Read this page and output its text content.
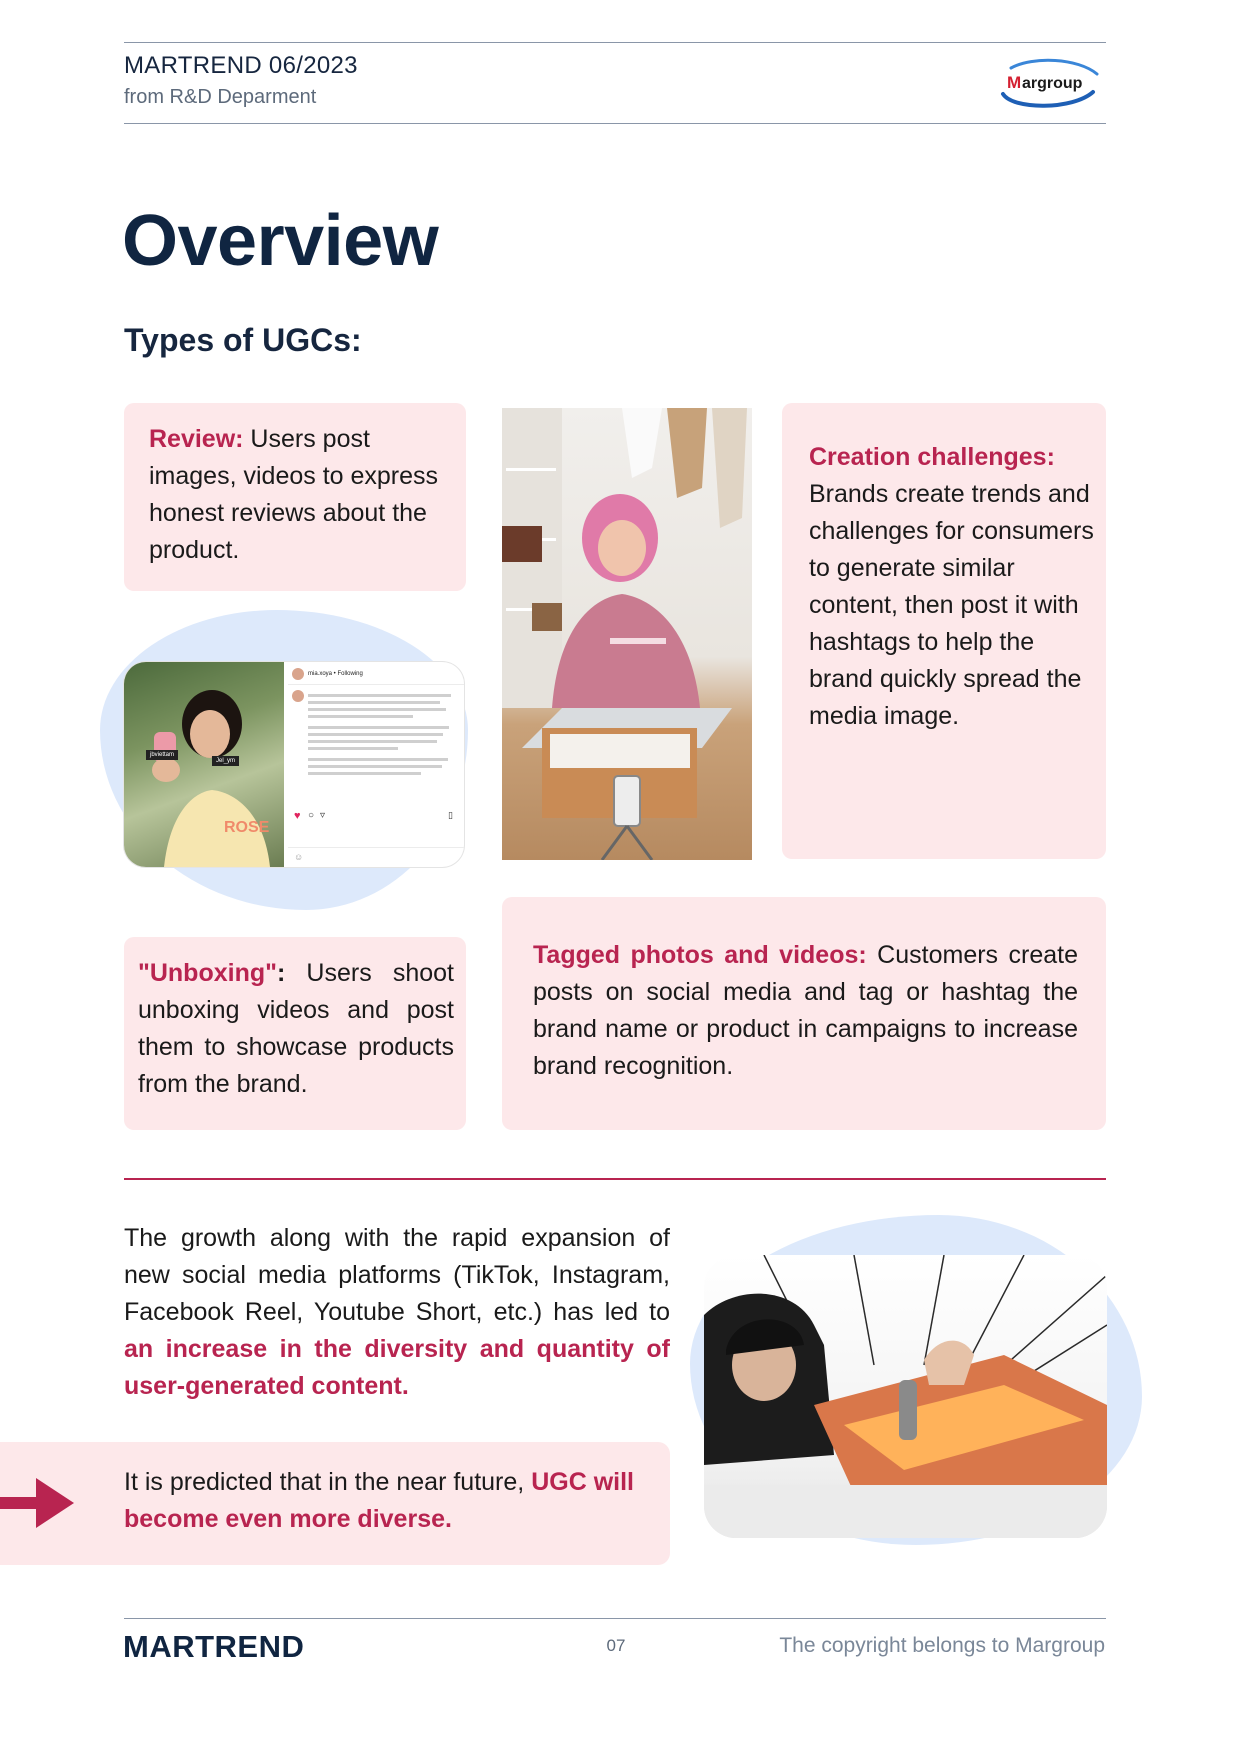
MARTREND 06/2023
from R&D Deparment
M argroup
Overview
Types of UGCs:
Review: Users post images, videos to express honest reviews about the product.
ROSE
jbviettam
Jel_ym
mia.xoya • Following
♥ ○ ▿	▯
☺
Creation challenges: Brands create trends and challenges for consumers to generate similar content, then post it with hashtags to help the brand quickly spread the media image.
Tagged photos and videos: Customers create posts on social media and tag or hashtag the brand name or product in campaigns to increase brand recognition.
"Unboxing": Users shoot unboxing videos and post them to showcase products from the brand.
The growth along with the rapid expansion of new social media platforms (TikTok, Instagram, Facebook Reel, Youtube Short, etc.) has led to an increase in the diversity and quantity of user-generated content.
It is predicted that in the near future, UGC will become even more diverse.
MARTREND	07	The copyright belongs to Margroup
